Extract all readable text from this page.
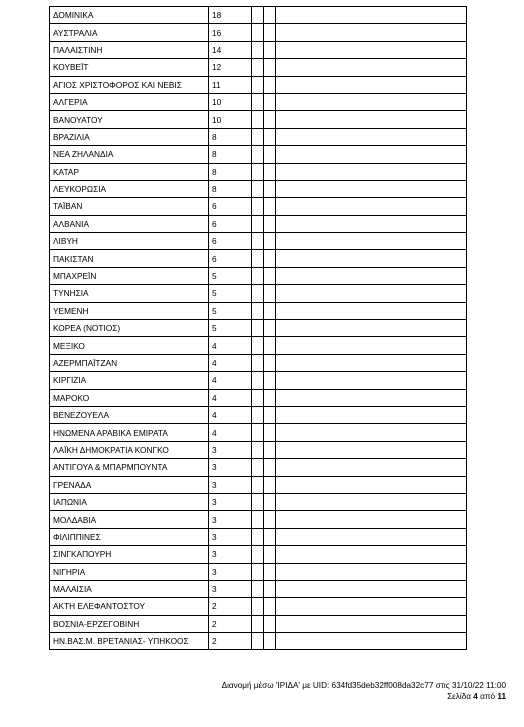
ΔΟΜΙΝΙΚΑ	18			
ΑΥΣΤΡΑΛΙΑ	16			
ΠΑΛΑΙΣΤΙΝΗ	14			
ΚΟΥΒΕΪΤ	12			
ΑΓΙΟΣ ΧΡΙΣΤΟΦΟΡΟΣ ΚΑΙ ΝΕΒΙΣ	11			
ΑΛΓΕΡΙΑ	10			
ΒΑΝΟΥΑΤΟΥ	10			
ΒΡΑΖΙΛΙΑ	8			
ΝΕΑ ΖΗΛΑΝΔΙΑ	8			
ΚΑΤΑΡ	8			
ΛΕΥΚΟΡΩΣΙΑ	8			
ΤΑΪΒΑΝ	6			
ΑΛΒΑΝΙΑ	6			
ΛΙΒΥΗ	6			
ΠΑΚΙΣΤΑΝ	6			
ΜΠΑΧΡΕΪΝ	5			
ΤΥΝΗΣΙΑ	5			
ΥΕΜΕΝΗ	5			
ΚΟΡΕΑ (ΝΟΤΙΟΣ)	5			
ΜΕΞΙΚΟ	4			
ΑΖΕΡΜΠΑΪΤΖΑΝ	4			
ΚΙΡΓΙΖΙΑ	4			
ΜΑΡΟΚΟ	4			
ΒΕΝΕΖΟΥΕΛΑ	4			
ΗΝΩΜΕΝΑ ΑΡΑΒΙΚΑ ΕΜΙΡΑΤΑ	4			
ΛΑΪΚΗ ΔΗΜΟΚΡΑΤΙΑ ΚΟΝΓΚΟ	3			
ΑΝΤΙΓΟΥΑ & ΜΠΑΡΜΠΟΥΝΤΑ	3			
ΓΡΕΝΑΔΑ	3			
ΙΑΠΩΝΙΑ	3			
ΜΟΛΔΑΒΙΑ	3			
ΦΙΛΙΠΠΙΝΕΣ	3			
ΣΙΝΓΚΑΠΟΥΡΗ	3			
ΝΙΓΗΡΙΑ	3			
ΜΑΛΑΙΣΙΑ	3			
ΑΚΤΗ ΕΛΕΦΑΝΤΟΣΤΟΥ	2			
ΒΟΣΝΙΑ-ΕΡΖΕΓΟΒΙΝΗ	2			
ΗΝ.ΒΑΣ.Μ. ΒΡΕΤΑΝΙΑΣ- ΥΠΗΚΟΟΣ	2			
Διανομή μέσω 'ΙΡΙΔΑ' με UID: 634fd35deb32ff008da32c77 στις 31/10/22 11:00
Σελίδα 4 από 11
